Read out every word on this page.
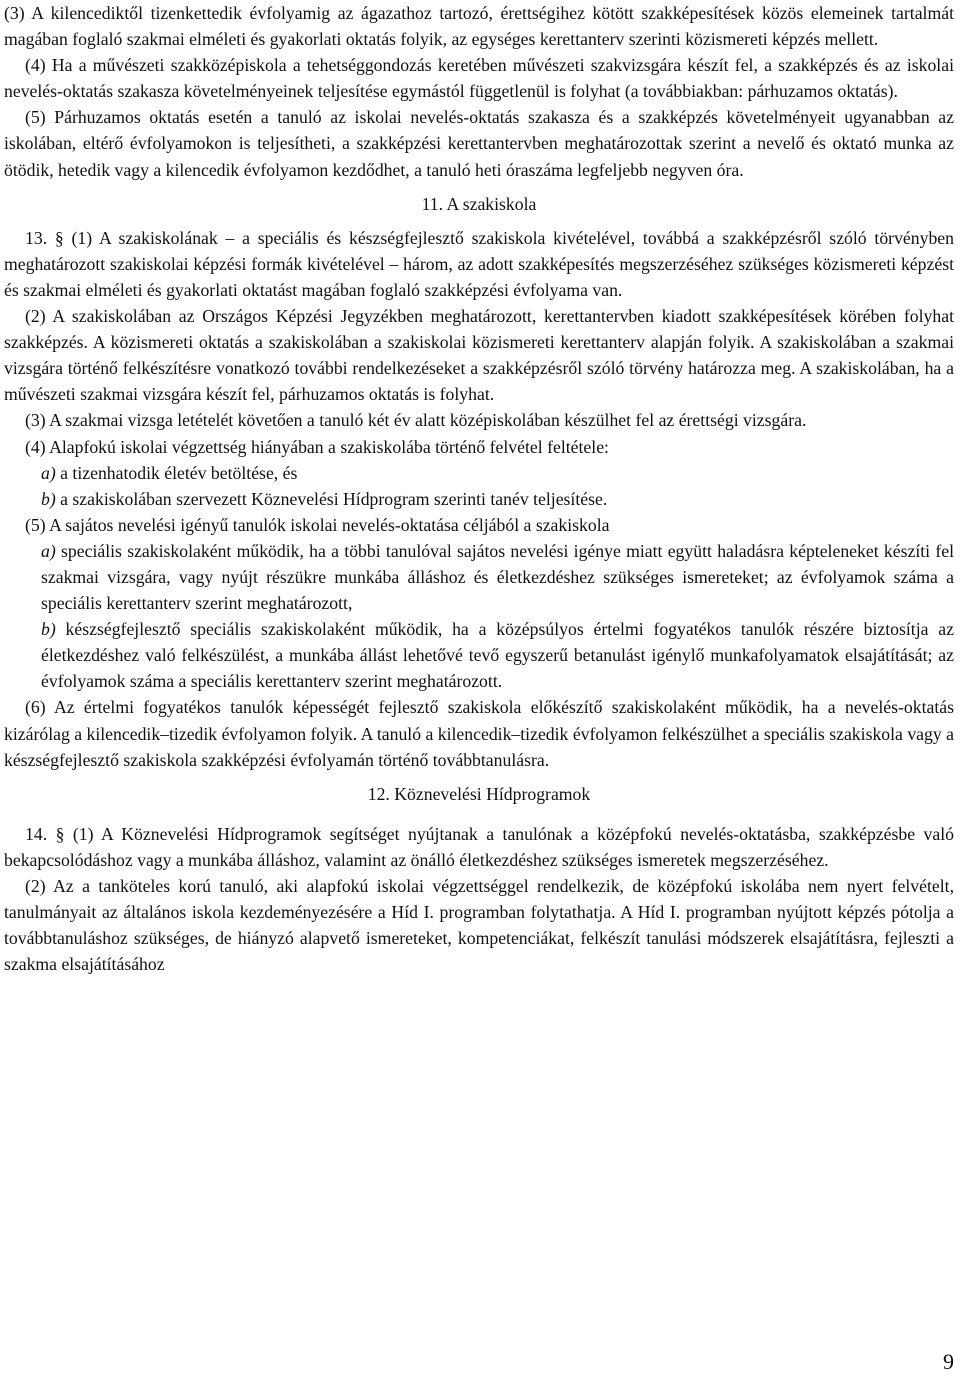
(3) A kilencediktől tizenkettedik évfolyamig az ágazathoz tartozó, érettségihez kötött szakképesítések közös elemeinek tartalmát magában foglaló szakmai elméleti és gyakorlati oktatás folyik, az egységes kerettanterv szerinti közismereti képzés mellett.

(4) Ha a művészeti szakközépiskola a tehetséggondozás keretében művészeti szakvizsgára készít fel, a szakképzés és az iskolai nevelés-oktatás szakasza követelményeinek teljesítése egymástól függetlenül is folyhat (a továbbiakban: párhuzamos oktatás).

(5) Párhuzamos oktatás esetén a tanuló az iskolai nevelés-oktatás szakasza és a szakképzés követelményeit ugyanabban az iskolában, eltérő évfolyamokon is teljesítheti, a szakképzési kerettantervben meghatározottak szerint a nevelő és oktató munka az ötödik, hetedik vagy a kilencedik évfolyamon kezdődhet, a tanuló heti óraszáma legfeljebb negyven óra.

11. A szakiskola

13. § (1) A szakiskolának – a speciális és készségfejlesztő szakiskola kivételével, továbbá a szakképzésről szóló törvényben meghatározott szakiskolai képzési formák kivételével – három, az adott szakképesítés megszerzéséhez szükséges közismereti képzést és szakmai elméleti és gyakorlati oktatást magában foglaló szakképzési évfolyama van.

(2) A szakiskolában az Országos Képzési Jegyzékben meghatározott, kerettantervben kiadott szakképesítések körében folyhat szakképzés. A közismereti oktatás a szakiskolában a szakiskolai közismereti kerettanterv alapján folyik. A szakiskolában a szakmai vizsgára történő felkészítésre vonatkozó további rendelkezéseket a szakképzésről szóló törvény határozza meg. A szakiskolában, ha a művészeti szakmai vizsgára készít fel, párhuzamos oktatás is folyhat.

(3) A szakmai vizsga letételét követően a tanuló két év alatt középiskolában készülhet fel az érettségi vizsgára.

(4) Alapfokú iskolai végzettség hiányában a szakiskolába történő felvétel feltétele:

a) a tizenhatodik életév betöltése, és

b) a szakiskolában szervezett Köznevelési Hídprogram szerinti tanév teljesítése.

(5) A sajátos nevelési igényű tanulók iskolai nevelés-oktatása céljából a szakiskola

a) speciális szakiskolaként működik, ha a többi tanulóval sajátos nevelési igénye miatt együtt haladásra képteleneket készíti fel szakmai vizsgára, vagy nyújt részükre munkába álláshoz és életkezdéshez szükséges ismereteket; az évfolyamok száma a speciális kerettanterv szerint meghatározott,

b) készségfejlesztő speciális szakiskolaként működik, ha a középsúlyos értelmi fogyatékos tanulók részére biztosítja az életkezdéshez való felkészülést, a munkába állást lehetővé tevő egyszerű betanulást igénylő munkafolyamatok elsajátítását; az évfolyamok száma a speciális kerettanterv szerint meghatározott.

(6) Az értelmi fogyatékos tanulók képességét fejlesztő szakiskola előkészítő szakiskolaként működik, ha a nevelés-oktatás kizárólag a kilencedik–tizedik évfolyamon folyik. A tanuló a kilencedik–tizedik évfolyamon felkészülhet a speciális szakiskola vagy a készségfejlesztő szakiskola szakképzési évfolyamán történő továbbtanulásra.

12. Köznevelési Hídprogramok

14. § (1) A Köznevelési Hídprogramok segítséget nyújtanak a tanulónak a középfokú nevelés-oktatásba, szakképzésbe való bekapcsolódáshoz vagy a munkába álláshoz, valamint az önálló életkezdéshez szükséges ismeretek megszerzéséhez.

(2) Az a tanköteles korú tanuló, aki alapfokú iskolai végzettséggel rendelkezik, de középfokú iskolába nem nyert felvételt, tanulmányait az általános iskola kezdeményezésére a Híd I. programban folytathatja. A Híd I. programban nyújtott képzés pótolja a továbbtanuláshoz szükséges, de hiányzó alapvető ismereteket, kompetenciákat, felkészít tanulási módszerek elsajátításra, fejleszti a szakma elsajátításához

9
